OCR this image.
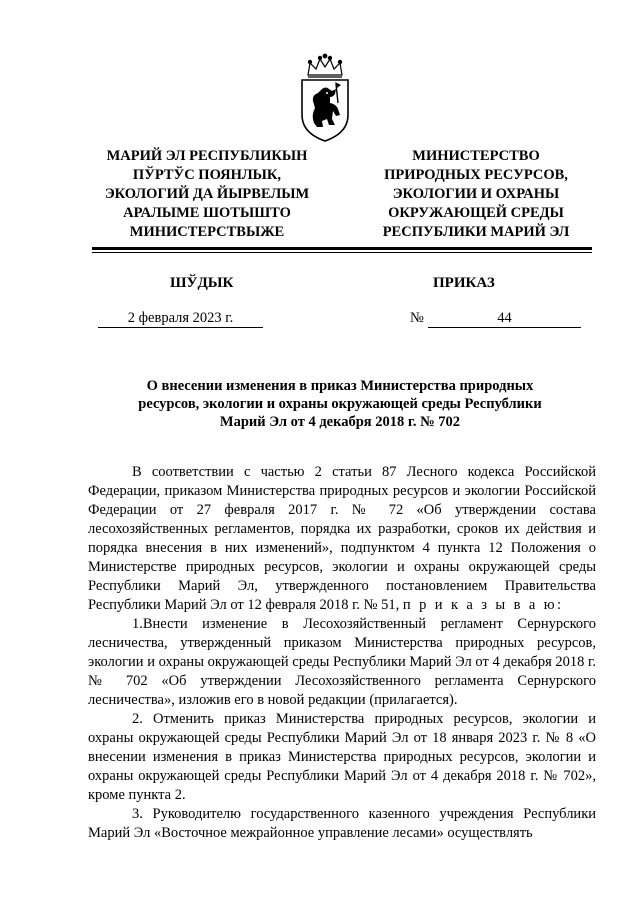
МАРИЙ ЭЛ РЕСПУБЛИКЫН
ПЎРТЎС ПОЯНЛЫК,
ЭКОЛОГИЙ ДА ЙЫРВЕЛЫМ
АРАЛЫМЕ ШОТЫШТО
МИНИСТЕРСТВЫЖЕ
МИНИСТЕРСТВО
ПРИРОДНЫХ РЕСУРСОВ,
ЭКОЛОГИИ И ОХРАНЫ
ОКРУЖАЮЩЕЙ СРЕДЫ
РЕСПУБЛИКИ МАРИЙ ЭЛ
ШЎДЫК	ПРИКАЗ
2 февраля 2023 г.	№	44
О внесении изменения в приказ Министерства природных
ресурсов, экологии и охраны окружающей среды Республики
Марий Эл от 4 декабря 2018 г. № 702

В соответствии с частью 2 статьи 87 Лесного кодекса Российской Федерации, приказом Министерства природных ресурсов и экологии Российской Федерации от 27 февраля 2017 г. № 72 «Об утверждении состава лесохозяйственных регламентов, порядка их разработки, сроков их действия и порядка внесения в них изменений», подпунктом 4 пункта 12 Положения о Министерстве природных ресурсов, экологии и охраны окружающей среды Республики Марий Эл, утвержденного постановлением Правительства Республики Марий Эл от 12 февраля 2018 г. № 51, п р и к а з ы в а ю:

1.Внести изменение в Лесохозяйственный регламент Сернурского лесничества, утвержденный приказом Министерства природных ресурсов, экологии и охраны окружающей среды Республики Марий Эл от 4 декабря 2018 г. № 702 «Об утверждении Лесохозяйственного регламента Сернурского лесничества», изложив его в новой редакции (прилагается).

2. Отменить приказ Министерства природных ресурсов, экологии и охраны окружающей среды Республики Марий Эл от 18 января 2023 г. № 8 «О внесении изменения в приказ Министерства природных ресурсов, экологии и охраны окружающей среды Республики Марий Эл от 4 декабря 2018 г. № 702», кроме пункта 2.

3. Руководителю государственного казенного учреждения Республики Марий Эл «Восточное межрайонное управление лесами» осуществлять
